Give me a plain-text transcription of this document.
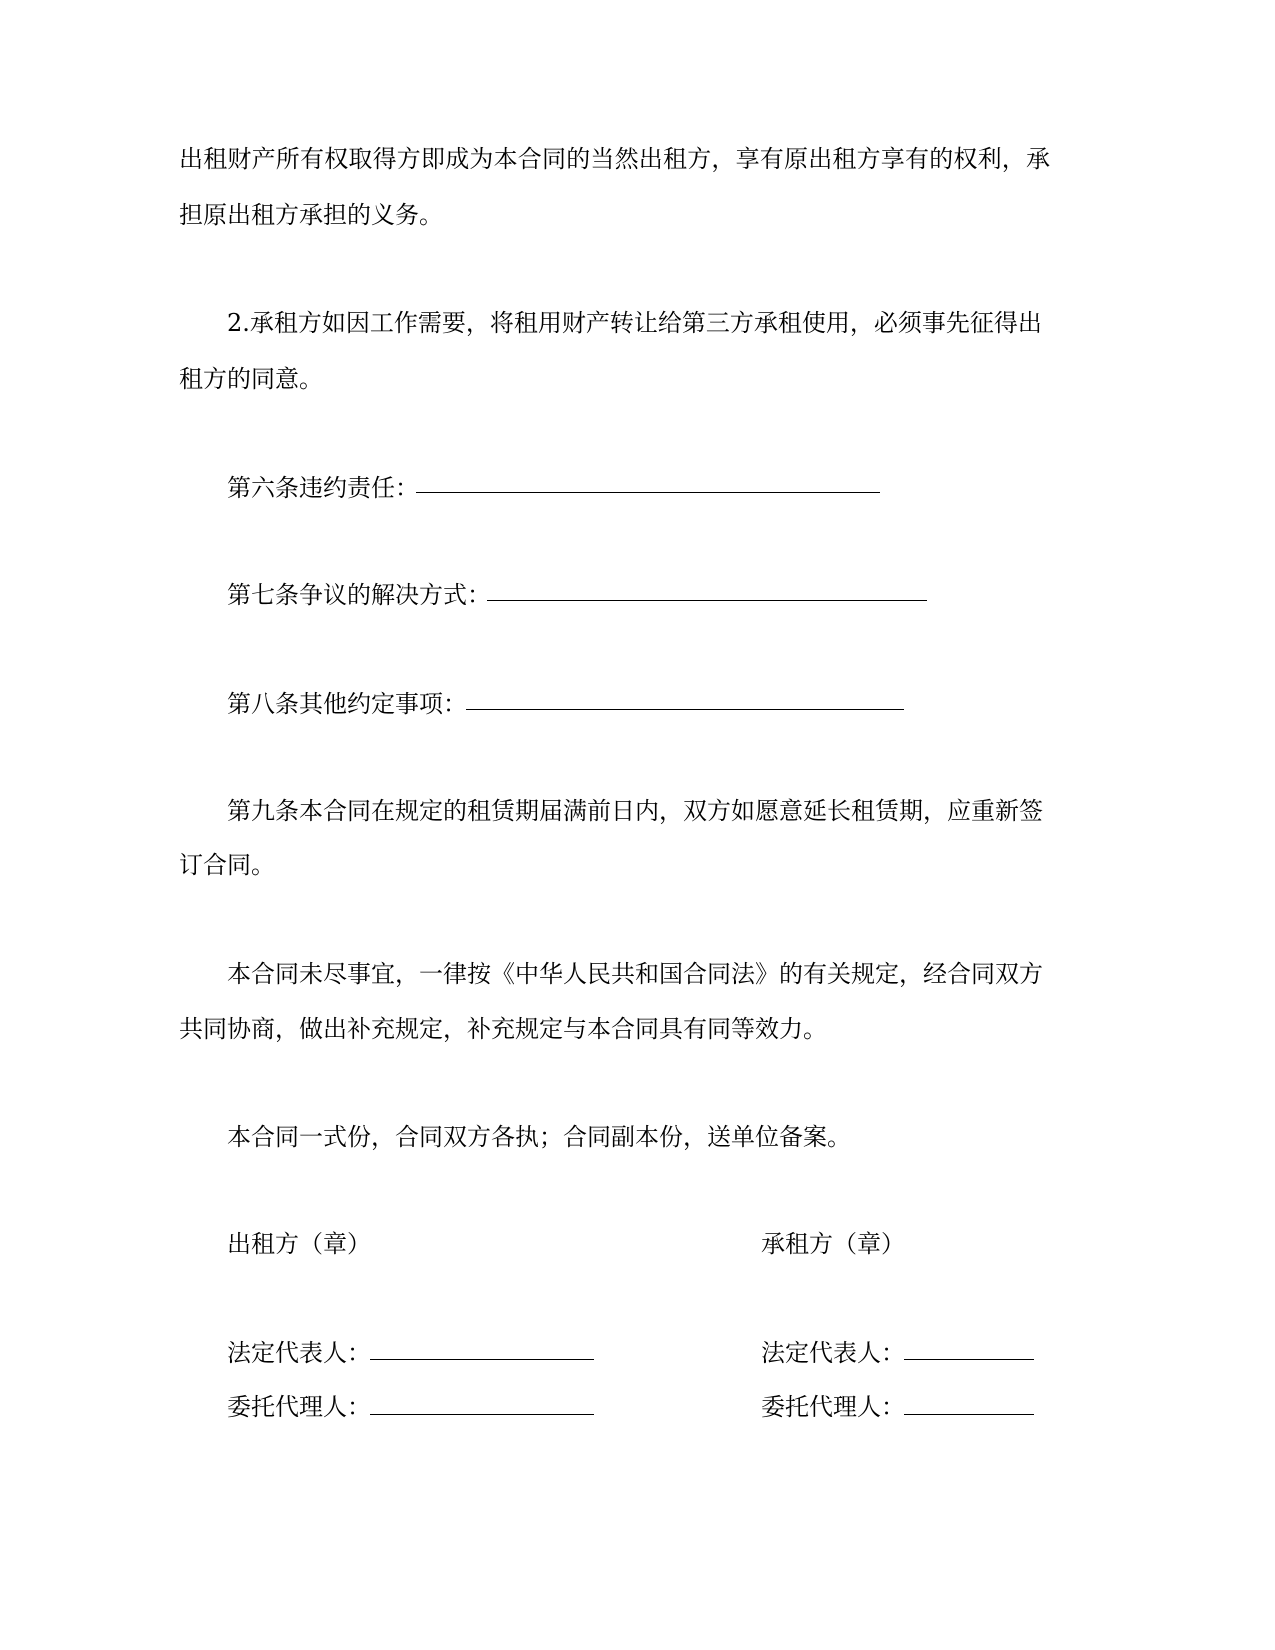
出租财产所有权取得方即成为本合同的当然出租方，享有原出租方享有的权利，承
担原出租方承担的义务。
2.承租方如因工作需要，将租用财产转让给第三方承租使用，必须事先征得出
租方的同意。
第六条违约责任：
第七条争议的解决方式：
第八条其他约定事项：
第九条本合同在规定的租赁期届满前日内，双方如愿意延长租赁期，应重新签
订合同。
本合同未尽事宜，一律按《中华人民共和国合同法》的有关规定，经合同双方
共同协商，做出补充规定，补充规定与本合同具有同等效力。
本合同一式份，合同双方各执；合同副本份，送单位备案。
出租方（章）
法定代表人：
委托代理人：
承租方（章）
法定代表人：
委托代理人：
